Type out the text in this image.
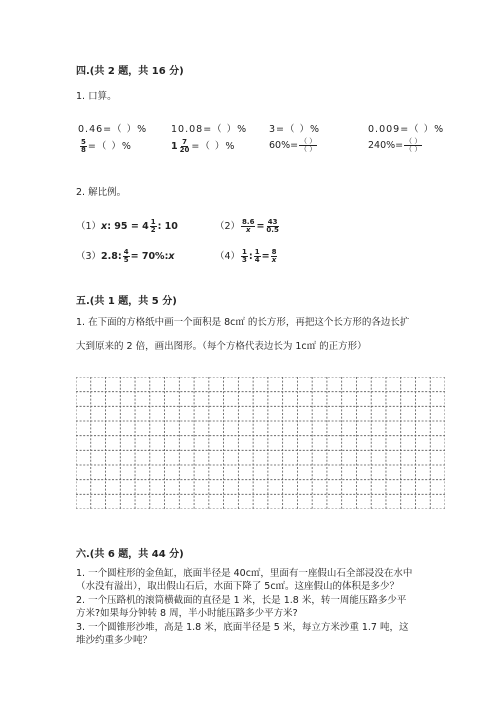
四.(共 2 题，共 16 分)
1. 口算。
0.46=（ ）%	10.08=（ ）% 3=（ ）%	0.009=（ ）%
$\frac{5}{8}$ =（ ）%	$1 \frac{7}{20}$ =（ ）%	$60\%= \frac{( )}{( )}$	$240\%= \frac{( )}{( )}$
2. 解比例。
（1）x: $95 = 4 \frac{1}{2}$ : 10	$(2) \frac{8.6}{x} = \frac{43}{0.5}$
（3）2.8: $\frac{4}{5}$ = 70%:x	$(4) \frac{1}{3}$ : $\frac{1}{4} = \frac{8}{x}$
五.(共 1 题，共 5 分)
1. 在下面的方格纸中画一个面积是 8c㎡ 的长方形，再把这个长方形的各边长扩
大到原来的 2 倍，画出图形。（每个方格代表边长为 1c㎡ 的正方形）
六.(共 6 题，共 44 分)
1. 一个圆柱形的金鱼缸，底面半径是 40c㎡，里面有一座假山石全部浸没在水中
（水没有溢出），取出假山石后，水面下降了 5c㎡。这座假山的体积是多少？
2. 一个压路机的滚筒横截面的直径是 1 米，长是 1.8 米，转一周能压路多少平
方米?如果每分钟转 8 周，半小时能压路多少平方米?
3. 一个圆锥形沙堆，高是 1.8 米，底面半径是 5 米，每立方米沙重 1.7 吨，这
堆沙约重多少吨？
